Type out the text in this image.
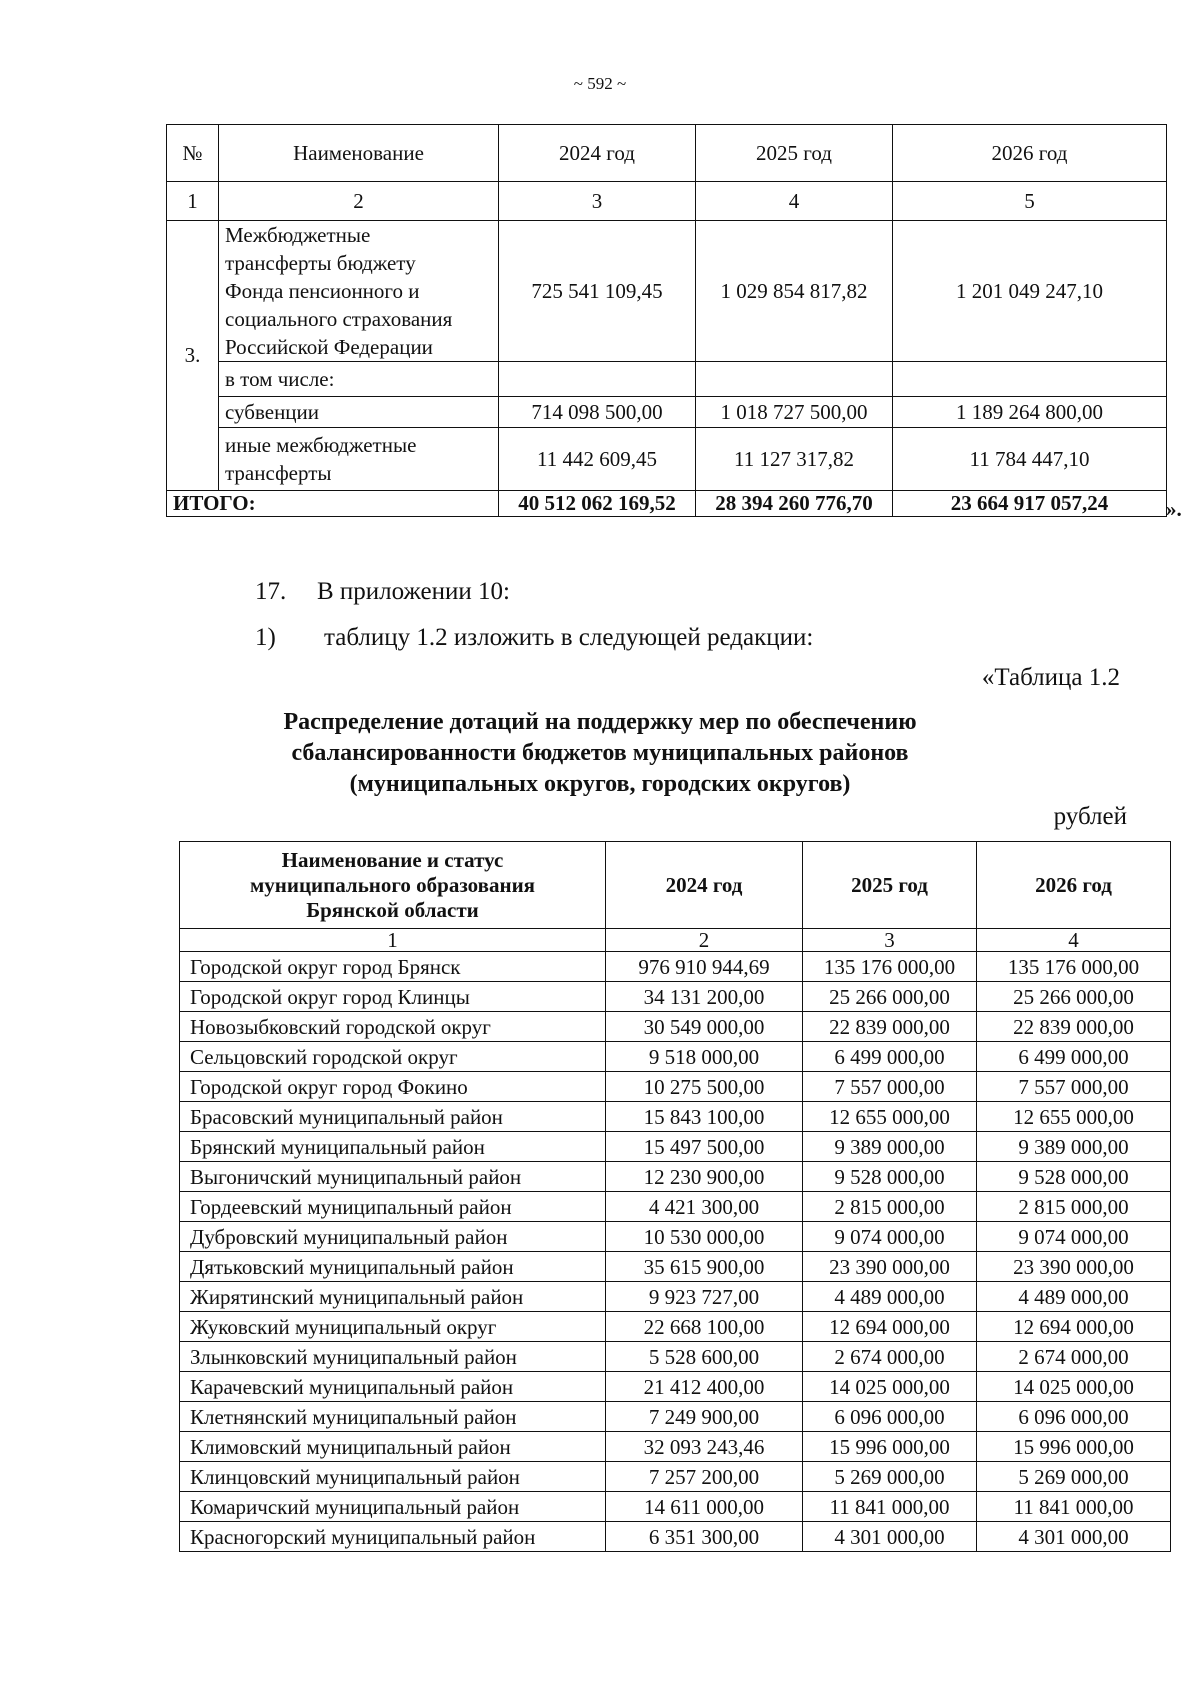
~ 592 ~
№	Наименование	2024 год	2025 год	2026 год
1	2	3	4	5
3.	Межбюджетные
трансферты бюджету
Фонда пенсионного и
социального страхования
Российской Федерации	725 541 109,45	1 029 854 817,82	1 201 049 247,10
	в том числе:			
	субвенции	714 098 500,00	1 018 727 500,00	1 189 264 800,00

	иные межбюджетные
трансферты	11 442 609,45	11 127 317,82	11 784 447,10
ИТОГО:		40 512 062 169,52	28 394 260 776,70	23 664 917 057,24	».
17. В приложении 10:
1) таблицу 1.2 изложить в следующей редакции:
«Таблица 1.2
Распределение дотаций на поддержку мер по обеспечению
сбалансированности бюджетов муниципальных районов
(муниципальных округов, городских округов)
рублей
Наименование и статус
муниципального образования
Брянской области	2024 год	2025 год	2026 год
1	2	3	4
Городской округ город Брянск	976 910 944,69	135 176 000,00	135 176 000,00
Городской округ город Клинцы	34 131 200,00	25 266 000,00	25 266 000,00
Новозыбковский городской округ	30 549 000,00	22 839 000,00	22 839 000,00
Сельцовский городской округ	9 518 000,00	6 499 000,00	6 499 000,00
Городской округ город Фокино	10 275 500,00	7 557 000,00	7 557 000,00
Брасовский муниципальный район	15 843 100,00	12 655 000,00	12 655 000,00
Брянский муниципальный район	15 497 500,00	9 389 000,00	9 389 000,00
Выгоничский муниципальный район	12 230 900,00	9 528 000,00	9 528 000,00
Гордеевский муниципальный район	4 421 300,00	2 815 000,00	2 815 000,00
Дубровский муниципальный район	10 530 000,00	9 074 000,00	9 074 000,00
Дятьковский муниципальный район	35 615 900,00	23 390 000,00	23 390 000,00
Жирятинский муниципальный район	9 923 727,00	4 489 000,00	4 489 000,00
Жуковский муниципальный округ	22 668 100,00	12 694 000,00	12 694 000,00
Злынковский муниципальный район	5 528 600,00	2 674 000,00	2 674 000,00
Карачевский муниципальный район	21 412 400,00	14 025 000,00	14 025 000,00
Клетнянский муниципальный район	7 249 900,00	6 096 000,00	6 096 000,00
Климовский муниципальный район	32 093 243,46	15 996 000,00	15 996 000,00
Клинцовский муниципальный район	7 257 200,00	5 269 000,00	5 269 000,00
Комаричский муниципальный район	14 611 000,00	11 841 000,00	11 841 000,00
Красногорский муниципальный район	6 351 300,00	4 301 000,00	4 301 000,00
